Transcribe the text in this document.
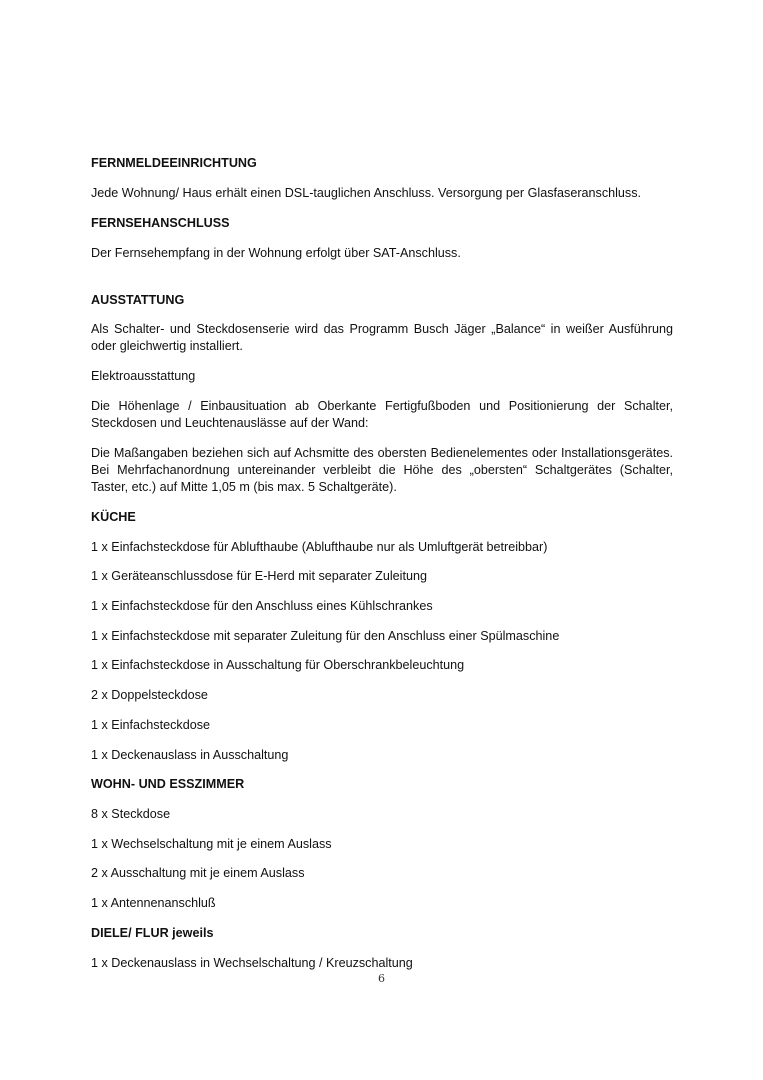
FERNMELDEEINRICHTUNG
Jede Wohnung/ Haus erhält einen DSL-tauglichen Anschluss. Versorgung per Glasfaseranschluss.
FERNSEHANSCHLUSS
Der Fernsehempfang in der Wohnung erfolgt über SAT-Anschluss.
AUSSTATTUNG
Als Schalter- und Steckdosenserie wird das Programm Busch Jäger „Balance“ in weißer Ausführung oder gleichwertig installiert.
Elektroausstattung
Die Höhenlage / Einbausituation ab Oberkante Fertigfußboden und Positionierung der Schalter, Steckdosen und Leuchtenauslässe auf der Wand:
Die Maßangaben beziehen sich auf Achsmitte des obersten Bedienelementes oder Installationsgerätes. Bei Mehrfachanordnung untereinander verbleibt die Höhe des „obersten“ Schaltgerätes (Schalter, Taster, etc.) auf Mitte 1,05 m (bis max. 5 Schaltgeräte).
KÜCHE
1 x Einfachsteckdose für Ablufthaube (Ablufthaube nur als Umluftgerät betreibbar)
1 x Geräteanschlussdose für E-Herd mit separater Zuleitung
1 x Einfachsteckdose für den Anschluss eines Kühlschrankes
1 x Einfachsteckdose mit separater Zuleitung für den Anschluss einer Spülmaschine
1 x Einfachsteckdose in Ausschaltung für Oberschrankbeleuchtung
2 x Doppelsteckdose
1 x Einfachsteckdose
1 x Deckenauslass in Ausschaltung
WOHN- UND ESSZIMMER
8 x Steckdose
1 x Wechselschaltung mit je einem Auslass
2 x Ausschaltung mit je einem Auslass
1 x Antennenanschluß
DIELE/ FLUR jeweils
1 x Deckenauslass in Wechselschaltung / Kreuzschaltung
6
